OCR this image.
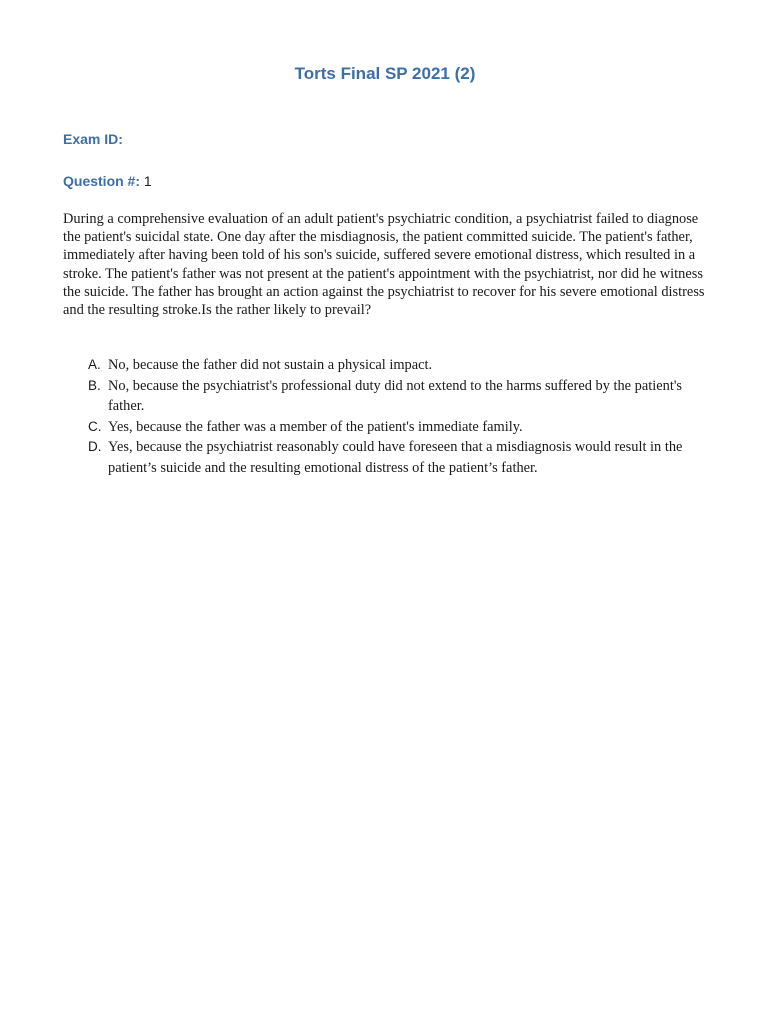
Torts Final SP 2021 (2)

Exam ID:

Question #: 1

During a comprehensive evaluation of an adult patient's psychiatric condition, a psychiatrist failed to diagnose the patient's suicidal state. One day after the misdiagnosis, the patient committed suicide. The patient's father, immediately after having been told of his son's suicide, suffered severe emotional distress, which resulted in a stroke. The patient's father was not present at the patient's appointment with the psychiatrist, nor did he witness the suicide. The father has brought an action against the psychiatrist to recover for his severe emotional distress and the resulting stroke.Is the rather likely to prevail?

A. No, because the father did not sustain a physical impact.
B. No, because the psychiatrist's professional duty did not extend to the harms suffered by the patient's father.
C. Yes, because the father was a member of the patient's immediate family.
D. Yes, because the psychiatrist reasonably could have foreseen that a misdiagnosis would result in the patient’s suicide and the resulting emotional distress of the patient’s father.
